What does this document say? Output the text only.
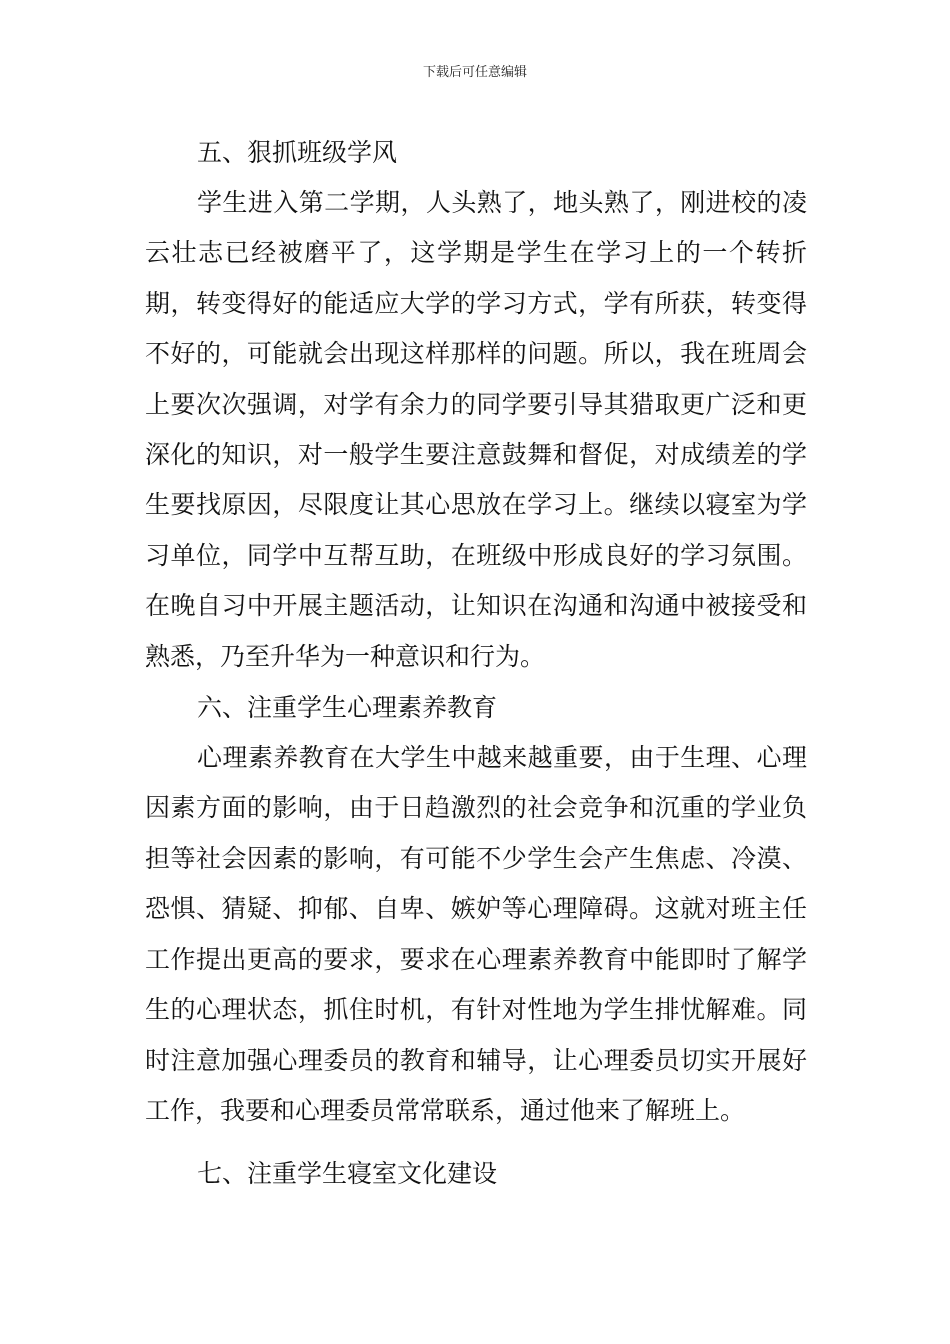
下载后可任意编辑
五、狠抓班级学风
学生进入第二学期，人头熟了，地头熟了，刚进校的凌云壮志已经被磨平了，这学期是学生在学习上的一个转折期，转变得好的能适应大学的学习方式，学有所获，转变得不好的，可能就会出现这样那样的问题。所以，我在班周会上要次次强调，对学有余力的同学要引导其猎取更广泛和更深化的知识，对一般学生要注意鼓舞和督促，对成绩差的学生要找原因，尽限度让其心思放在学习上。继续以寝室为学习单位，同学中互帮互助，在班级中形成良好的学习氛围。在晚自习中开展主题活动，让知识在沟通和沟通中被接受和熟悉，乃至升华为一种意识和行为。
六、注重学生心理素养教育
心理素养教育在大学生中越来越重要，由于生理、心理因素方面的影响，由于日趋激烈的社会竞争和沉重的学业负担等社会因素的影响，有可能不少学生会产生焦虑、冷漠、恐惧、猜疑、抑郁、自卑、嫉妒等心理障碍。这就对班主任工作提出更高的要求，要求在心理素养教育中能即时了解学生的心理状态，抓住时机，有针对性地为学生排忧解难。同时注意加强心理委员的教育和辅导，让心理委员切实开展好工作，我要和心理委员常常联系，通过他来了解班上。
七、注重学生寝室文化建设
